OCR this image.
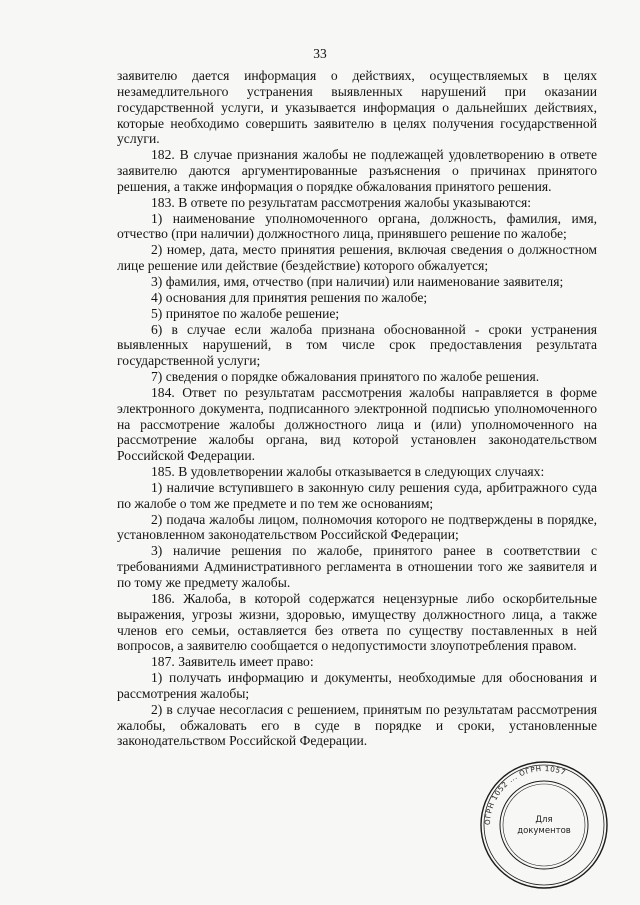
33

заявителю дается информация о действиях, осуществляемых в целях незамедлительного устранения выявленных нарушений при оказании государственной услуги, и указывается информация о дальнейших действиях, которые необходимо совершить заявителю в целях получения государственной услуги.

182. В случае признания жалобы не подлежащей удовлетворению в ответе заявителю даются аргументированные разъяснения о причинах принятого решения, а также информация о порядке обжалования принятого решения.

183. В ответе по результатам рассмотрения жалобы указываются:

1) наименование уполномоченного органа, должность, фамилия, имя, отчество (при наличии) должностного лица, принявшего решение по жалобе;

2) номер, дата, место принятия решения, включая сведения о должностном лице решение или действие (бездействие) которого обжалуется;

3) фамилия, имя, отчество (при наличии) или наименование заявителя;

4) основания для принятия решения по жалобе;

5) принятое по жалобе решение;

6) в случае если жалоба признана обоснованной - сроки устранения выявленных нарушений, в том числе срок предоставления результата государственной услуги;

7) сведения о порядке обжалования принятого по жалобе решения.

184. Ответ по результатам рассмотрения жалобы направляется в форме электронного документа, подписанного электронной подписью уполномоченного на рассмотрение жалобы должностного лица и (или) уполномоченного на рассмотрение жалобы органа, вид которой установлен законодательством Российской Федерации.

185. В удовлетворении жалобы отказывается в следующих случаях:

1) наличие вступившего в законную силу решения суда, арбитражного суда по жалобе о том же предмете и по тем же основаниям;

2) подача жалобы лицом, полномочия которого не подтверждены в порядке, установленном законодательством Российской Федерации;

3) наличие решения по жалобе, принятого ранее в соответствии с требованиями Административного регламента в отношении того же заявителя и по тому же предмету жалобы.

186. Жалоба, в которой содержатся нецензурные либо оскорбительные выражения, угрозы жизни, здоровью, имуществу должностного лица, а также членов его семьи, оставляется без ответа по существу поставленных в ней вопросов, а заявителю сообщается о недопустимости злоупотребления правом.

187. Заявитель имеет право:

1) получать информацию и документы, необходимые для обоснования и рассмотрения жалобы;

2) в случае несогласия с решением, принятым по результатам рассмотрения жалобы, обжаловать его в суде в порядке и сроки, установленные законодательством Российской Федерации.

ОГРН 1052 ... ОГРН 1057
Для
документов
